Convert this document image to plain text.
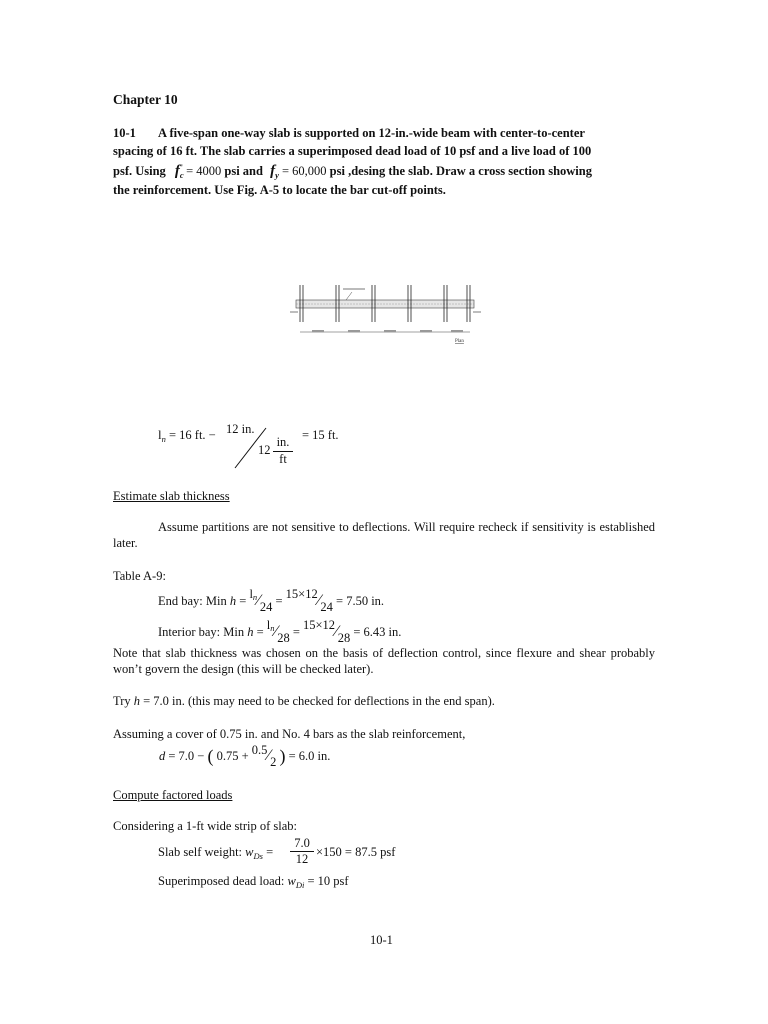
Chapter 10
10-1 A five-span one-way slab is supported on 12-in.-wide beam with center-to-center
spacing of 16 ft. The slab carries a superimposed dead load of 10 psf and a live load of 100
psf. Using $f_c' = 4000$ psi and $f_y = 60,000$ psi ,desing the slab. Draw a cross section showing
the reinforcement. Use Fig. A-5 to locate the bar cut-off points.
Plan
$l_n = 16$ ft. − 12 in.
12
in.
ft
= 15 ft.
Estimate slab thickness
Assume partitions are not sensitive to deflections. Will require recheck if sensitivity is established later.
Table A-9:
End bay: Min $h = l^n∕24$ = 15×12∕24 = 7.50 in.
Interior bay: Min $h = l^n∕28$ = 15×12∕28 = 6.43 in.
Note that slab thickness was chosen on the basis of deflection control, since flexure and shear probably won’t govern the design (this will be checked later).
Try h = 7.0 in. (this may need to be checked for deflections in the end span).
Assuming a cover of 0.75 in. and No. 4 bars as the slab reinforcement,
d = 7.0 − ( 0.75 + 0.5∕2 ) = 6.0 in.
Compute factored loads
Considering a 1-ft wide strip of slab:
Slab self weight: $w_{Ds} = \frac{7.0}{12} \times 150 = 87.5$ psf
Superimposed dead load: $w_{Di} = 10$ psf
10-1
